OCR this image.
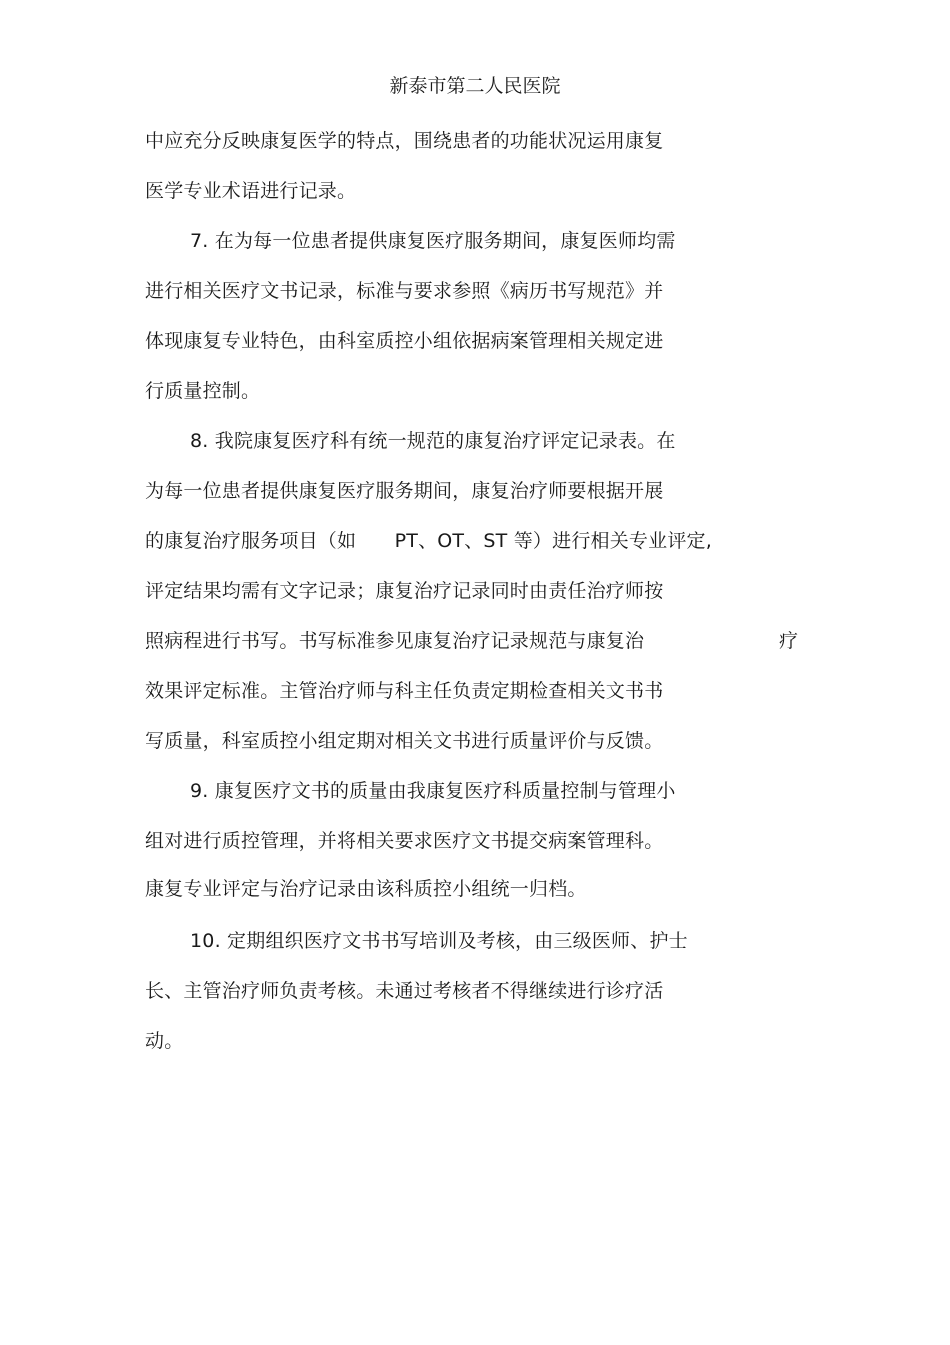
新泰市第二人民医院
中应充分反映康复医学的特点，围绕患者的功能状况运用康复
医学专业术语进行记录。
7. 在为每一位患者提供康复医疗服务期间，康复医师均需
进行相关医疗文书记录，标准与要求参照《病历书写规范》并
体现康复专业特色，由科室质控小组依据病案管理相关规定进
行质量控制。
8. 我院康复医疗科有统一规范的康复治疗评定记录表。在
为每一位患者提供康复医疗服务期间，康复治疗师要根据开展
的康复治疗服务项目（如　　PT、OT、ST 等）进行相关专业评定,
评定结果均需有文字记录；康复治疗记录同时由责任治疗师按
照病程进行书写。书写标准参见康复治疗记录规范与康复治	疗
效果评定标准。主管治疗师与科主任负责定期检查相关文书书
写质量，科室质控小组定期对相关文书进行质量评价与反馈。
9. 康复医疗文书的质量由我康复医疗科质量控制与管理小
组对进行质控管理，并将相关要求医疗文书提交病案管理科。
康复专业评定与治疗记录由该科质控小组统一归档。
10. 定期组织医疗文书书写培训及考核，由三级医师、护士
长、主管治疗师负责考核。未通过考核者不得继续进行诊疗活
动。
